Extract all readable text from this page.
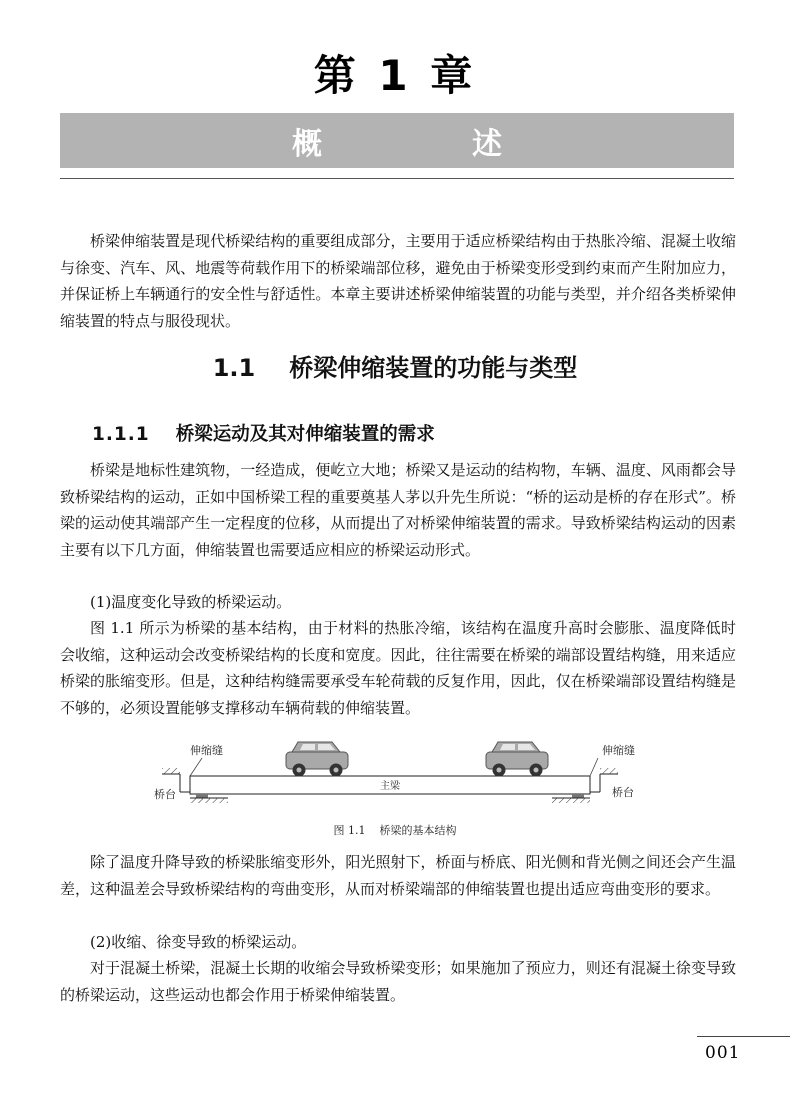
第 1 章
概　述

桥梁伸缩装置是现代桥梁结构的重要组成部分，主要用于适应桥梁结构由于热胀冷缩、混凝土收缩与徐变、汽车、风、地震等荷载作用下的桥梁端部位移，避免由于桥梁变形受到约束而产生附加应力，并保证桥上车辆通行的安全性与舒适性。本章主要讲述桥梁伸缩装置的功能与类型，并介绍各类桥梁伸缩装置的特点与服役现状。

1.1 桥梁伸缩装置的功能与类型
1.1.1 桥梁运动及其对伸缩装置的需求

桥梁是地标性建筑物，一经造成，便屹立大地；桥梁又是运动的结构物，车辆、温度、风雨都会导致桥梁结构的运动，正如中国桥梁工程的重要奠基人茅以升先生所说：“桥的运动是桥的存在形式”。桥梁的运动使其端部产生一定程度的位移，从而提出了对桥梁伸缩装置的需求。导致桥梁结构运动的因素主要有以下几方面，伸缩装置也需要适应相应的桥梁运动形式。

(1)温度变化导致的桥梁运动。

图 1.1 所示为桥梁的基本结构，由于材料的热胀冷缩，该结构在温度升高时会膨胀、温度降低时会收缩，这种运动会改变桥梁结构的长度和宽度。因此，往往需要在桥梁的端部设置结构缝，用来适应桥梁的胀缩变形。但是，这种结构缝需要承受车轮荷载的反复作用，因此，仅在桥梁端部设置结构缝是不够的，必须设置能够支撑移动车辆荷载的伸缩装置。

伸缩缝	伸缩缝
桥台	桥台
主梁
图 1.1 桥梁的基本结构

除了温度升降导致的桥梁胀缩变形外，阳光照射下，桥面与桥底、阳光侧和背光侧之间还会产生温差，这种温差会导致桥梁结构的弯曲变形，从而对桥梁端部的伸缩装置也提出适应弯曲变形的要求。

(2)收缩、徐变导致的桥梁运动。

对于混凝土桥梁，混凝土长期的收缩会导致桥梁变形；如果施加了预应力，则还有混凝土徐变导致的桥梁运动，这些运动也都会作用于桥梁伸缩装置。

001
